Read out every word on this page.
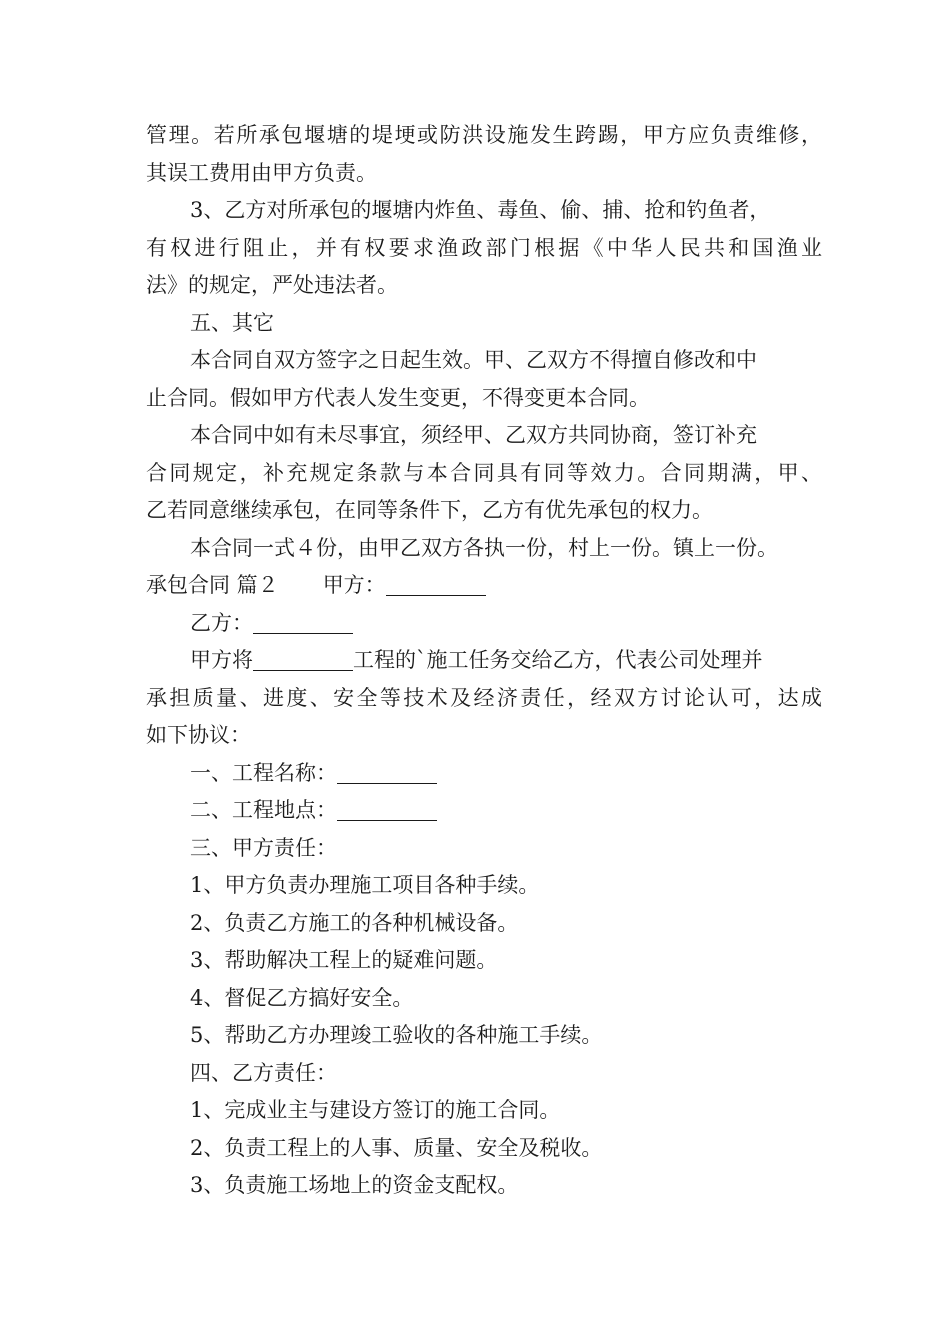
管理。若所承包堰塘的堤埂或防洪设施发生跨踢，甲方应负责维修，

其误工费用由甲方负责。

3、乙方对所承包的堰塘内炸鱼、毒鱼、偷、捕、抢和钓鱼者，

有权进行阻止，并有权要求渔政部门根据《中华人民共和国渔业

法》的规定，严处违法者。

五、其它

本合同自双方签字之日起生效。甲、乙双方不得擅自修改和中

止合同。假如甲方代表人发生变更，不得变更本合同。

本合同中如有未尽事宜，须经甲、乙双方共同协商，签订补充

合同规定，补充规定条款与本合同具有同等效力。合同期满，甲、

乙若同意继续承包，在同等条件下，乙方有优先承包的权力。

本合同一式４份，由甲乙双方各执一份，村上一份。镇上一份。

承包合同 篇２ 甲方：

乙方：

甲方将	工程的`施工任务交给乙方，代表公司处理并

承担质量、进度、安全等技术及经济责任，经双方讨论认可，达成

如下协议：

一、工程名称：

二、工程地点：

三、甲方责任：

1、甲方负责办理施工项目各种手续。

2、负责乙方施工的各种机械设备。

3、帮助解决工程上的疑难问题。

4、督促乙方搞好安全。

5、帮助乙方办理竣工验收的各种施工手续。

四、乙方责任：

1、完成业主与建设方签订的施工合同。

2、负责工程上的人事、质量、安全及税收。

3、负责施工场地上的资金支配权。
